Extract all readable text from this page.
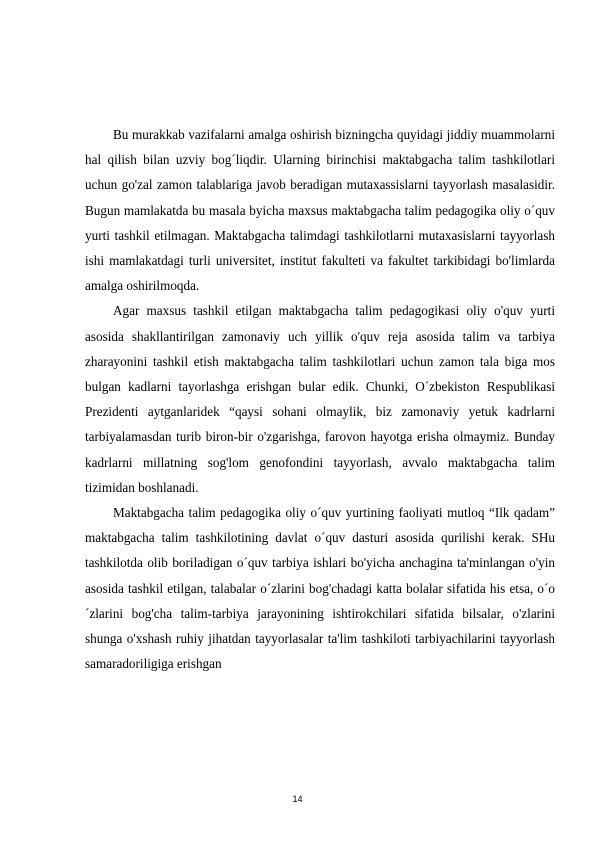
Bu murakkab vazifalarni amalga oshirish bizningcha quyidagi jiddiy muammolarni hal qilish bilan uzviy bog´liqdir. Ularning birinchisi maktabgacha talim tashkilotlari uchun go'zal zamon talablariga javob beradigan mutaxassislarni tayyorlash masalasidir. Bugun mamlakatda bu masala byicha maxsus maktabgacha talim pedagogika oliy o´quv yurti tashkil etilmagan. Maktabgacha talimdagi tashkilotlarni mutaxasislarni tayyorlash ishi mamlakatdagi turli universitet, institut fakulteti va fakultet tarkibidagi bo'limlarda amalga oshirilmoqda.

Agar maxsus tashkil etilgan maktabgacha talim pedagogikasi oliy o'quv yurti asosida shakllantirilgan zamonaviy uch yillik o'quv reja asosida talim va tarbiya zharayonini tashkil etish maktabgacha talim tashkilotlari uchun zamon tala biga mos bulgan kadlarni tayorlashga erishgan bular edik. Chunki, O´zbekiston Respublikasi Prezidenti aytganlaridek “qaysi sohani olmaylik, biz zamonaviy yetuk kadrlarni tarbiyalamasdan turib biron-bir o'zgarishga, farovon hayotga erisha olmaymiz. Bunday kadrlarni millatning sog'lom genofondini tayyorlash, avvalo maktabgacha talim tizimidan boshlanadi.

Maktabgacha talim pedagogika oliy o´quv yurtining faoliyati mutloq “Ilk qadam” maktabgacha talim tashkilotining davlat o´quv dasturi asosida qurilishi kerak. SHu tashkilotda olib boriladigan o´quv tarbiya ishlari bo'yicha anchagina ta'minlangan o'yin asosida tashkil etilgan, talabalar o´zlarini bog'chadagi katta bolalar sifatida his etsa, o´o´zlarini bog'cha talim-tarbiya jarayonining ishtirokchilari sifatida bilsalar, o'zlarini shunga o'xshash ruhiy jihatdan tayyorlasalar ta'lim tashkiloti tarbiyachilarini tayyorlash samaradoriligiga erishgan

14
